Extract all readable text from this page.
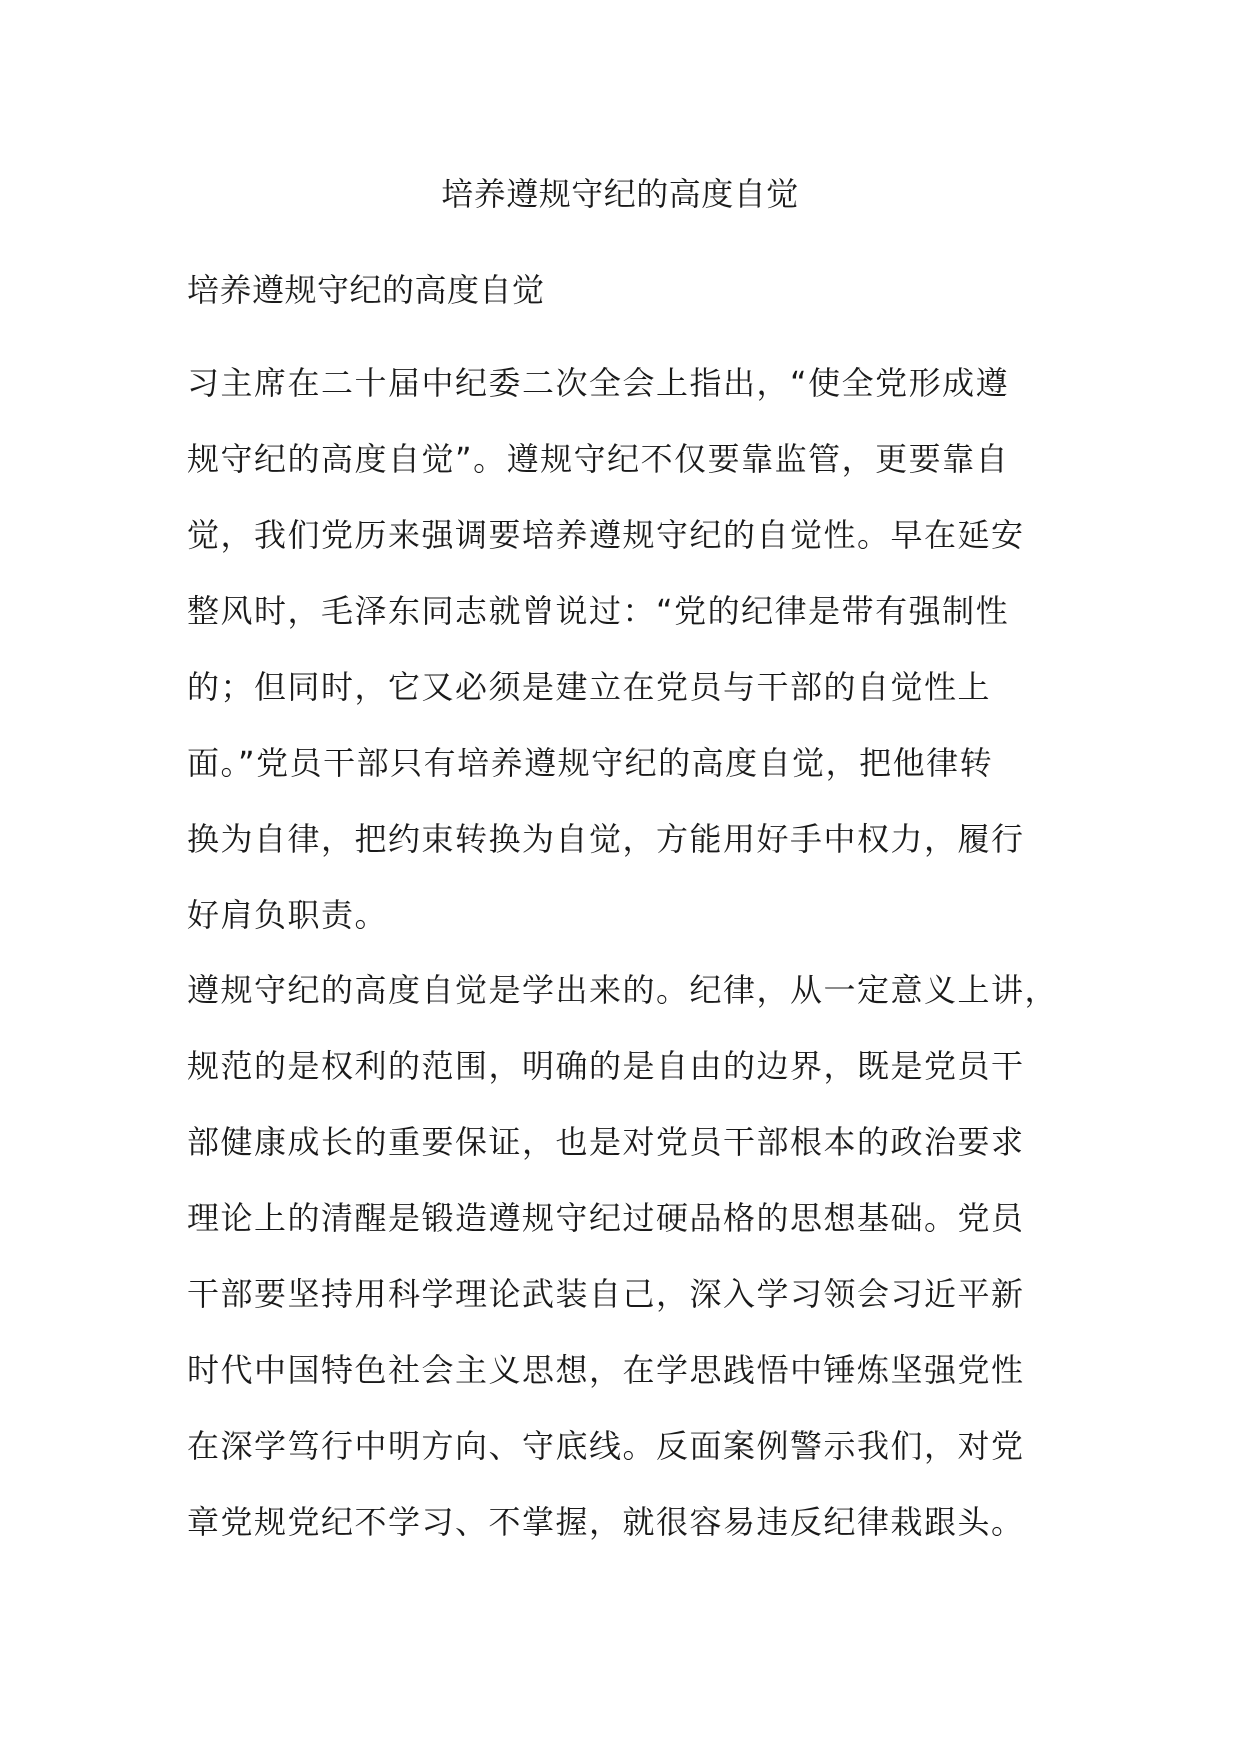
培养遵规守纪的高度自觉
培养遵规守纪的高度自觉

习主席在二十届中纪委二次全会上指出，“使全党形成遵
规守纪的高度自觉”。遵规守纪不仅要靠监管，更要靠自
觉，我们党历来强调要培养遵规守纪的自觉性。早在延安
整风时，毛泽东同志就曾说过：“党的纪律是带有强制性
的；但同时，它又必须是建立在党员与干部的自觉性上
面。”党员干部只有培养遵规守纪的高度自觉，把他律转
换为自律，把约束转换为自觉，方能用好手中权力，履行
好肩负职责。

遵规守纪的高度自觉是学出来的。纪律，从一定意义上讲，
规范的是权利的范围，明确的是自由的边界，既是党员干
部健康成长的重要保证，也是对党员干部根本的政治要求
理论上的清醒是锻造遵规守纪过硬品格的思想基础。党员
干部要坚持用科学理论武装自己，深入学习领会习近平新
时代中国特色社会主义思想，在学思践悟中锤炼坚强党性
在深学笃行中明方向、守底线。反面案例警示我们，对党
章党规党纪不学习、不掌握，就很容易违反纪律栽跟头。
